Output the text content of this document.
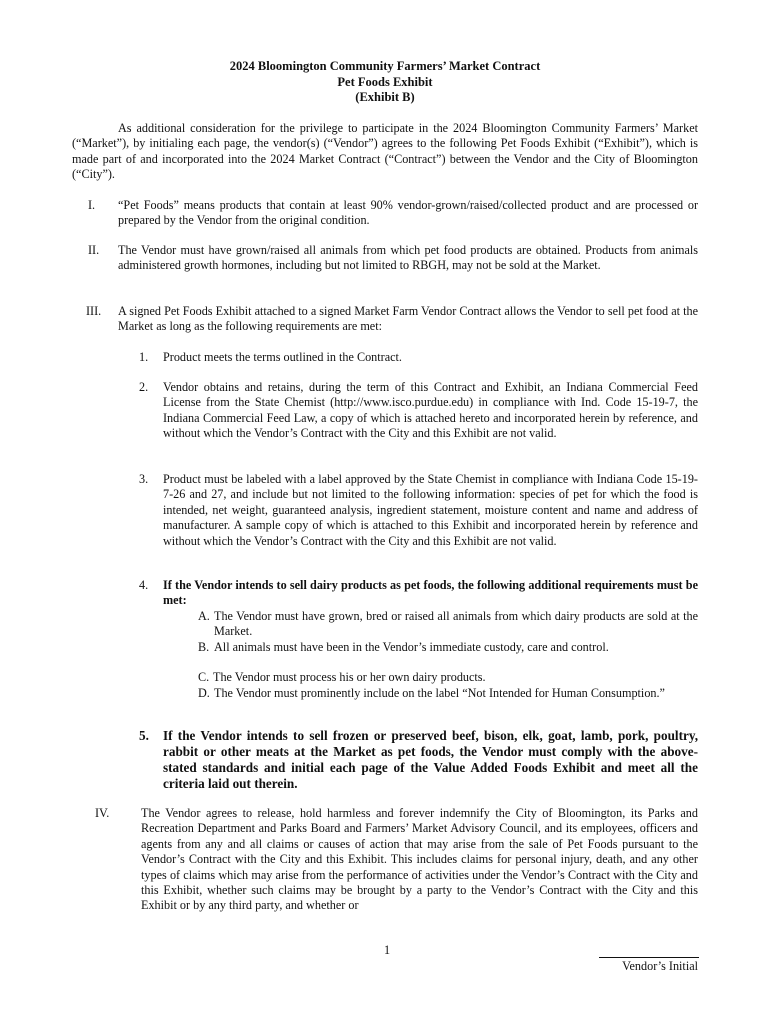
2024 Bloomington Community Farmers’ Market Contract
Pet Foods Exhibit
(Exhibit B)
As additional consideration for the privilege to participate in the 2024 Bloomington Community Farmers’ Market (“Market”), by initialing each page, the vendor(s) (“Vendor”) agrees to the following Pet Foods Exhibit (“Exhibit”), which is made part of and incorporated into the 2024 Market Contract (“Contract”) between the Vendor and the City of Bloomington (“City”).
I. “Pet Foods” means products that contain at least 90% vendor-grown/raised/collected product and are processed or prepared by the Vendor from the original condition.
II. The Vendor must have grown/raised all animals from which pet food products are obtained. Products from animals administered growth hormones, including but not limited to RBGH, may not be sold at the Market.
III. A signed Pet Foods Exhibit attached to a signed Market Farm Vendor Contract allows the Vendor to sell pet food at the Market as long as the following requirements are met:
1. Product meets the terms outlined in the Contract.
2. Vendor obtains and retains, during the term of this Contract and Exhibit, an Indiana Commercial Feed License from the State Chemist (http://www.isco.purdue.edu) in compliance with Ind. Code 15-19-7, the Indiana Commercial Feed Law, a copy of which is attached hereto and incorporated herein by reference, and without which the Vendor’s Contract with the City and this Exhibit are not valid.
3. Product must be labeled with a label approved by the State Chemist in compliance with Indiana Code 15-19-7-26 and 27, and include but not limited to the following information: species of pet for which the food is intended, net weight, guaranteed analysis, ingredient statement, moisture content and name and address of manufacturer. A sample copy of which is attached to this Exhibit and incorporated herein by reference and without which the Vendor’s Contract with the City and this Exhibit are not valid.
4. If the Vendor intends to sell dairy products as pet foods, the following additional requirements must be met:
A. The Vendor must have grown, bred or raised all animals from which dairy products are sold at the Market.
B. All animals must have been in the Vendor’s immediate custody, care and control.
C. The Vendor must process his or her own dairy products.
D. The Vendor must prominently include on the label “Not Intended for Human Consumption.”
5. If the Vendor intends to sell frozen or preserved beef, bison, elk, goat, lamb, pork, poultry, rabbit or other meats at the Market as pet foods, the Vendor must comply with the above-stated standards and initial each page of the Value Added Foods Exhibit and meet all the criteria laid out therein.
IV.	The Vendor agrees to release, hold harmless and forever indemnify the City of Bloomington, its Parks and Recreation Department and Parks Board and Farmers’ Market Advisory Council, and its employees, officers and agents from any and all claims or causes of action that may arise from the sale of Pet Foods pursuant to the Vendor’s Contract with the City and this Exhibit. This includes claims for personal injury, death, and any other types of claims which may arise from the performance of activities under the Vendor’s Contract with the City and this Exhibit, whether such claims may be brought by a party to the Vendor’s Contract with the City and this Exhibit or by any third party, and whether or
1
Vendor’s Initial
